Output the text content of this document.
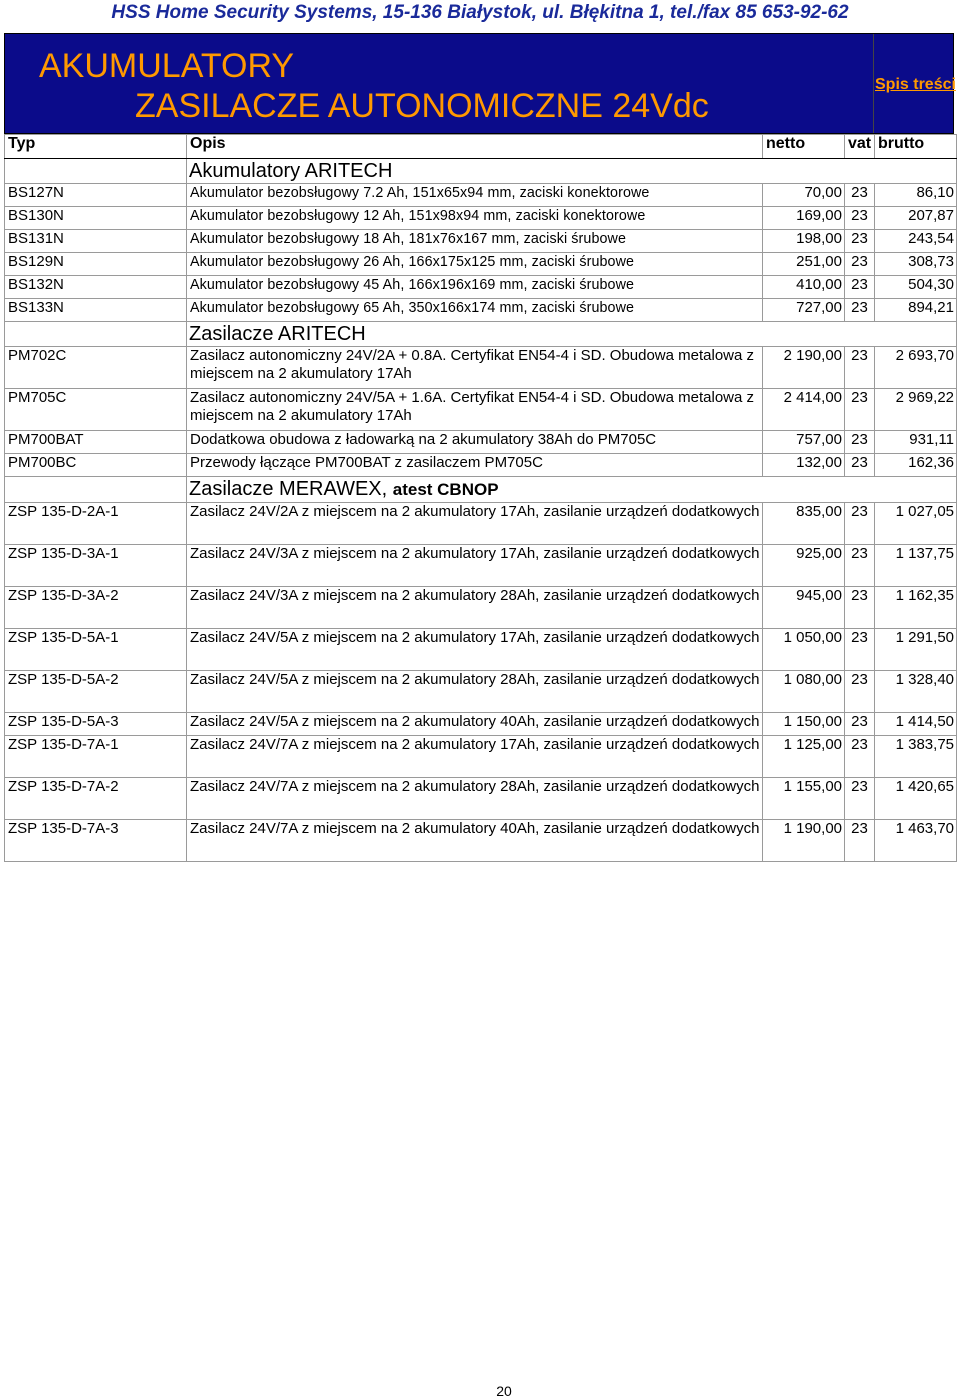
HSS Home Security Systems, 15-136 Białystok, ul. Błękitna 1, tel./fax 85 653-92-62
AKUMULATORY
ZASILACZE AUTONOMICZNE 24Vdc
Spis treści
Typ	Opis	netto	vat	brutto
	Akumulatory ARITECH			
BS127N	Akumulator bezobsługowy 7.2 Ah, 151x65x94 mm, zaciski konektorowe	70,00	23	86,10
BS130N	Akumulator bezobsługowy 12 Ah, 151x98x94 mm, zaciski konektorowe	169,00	23	207,87
BS131N	Akumulator bezobsługowy 18 Ah, 181x76x167 mm, zaciski śrubowe	198,00	23	243,54
BS129N	Akumulator bezobsługowy 26 Ah, 166x175x125 mm, zaciski śrubowe	251,00	23	308,73
BS132N	Akumulator bezobsługowy 45 Ah, 166x196x169 mm, zaciski śrubowe	410,00	23	504,30
BS133N	Akumulator bezobsługowy 65 Ah, 350x166x174 mm, zaciski śrubowe	727,00	23	894,21
	Zasilacze ARITECH			
PM702C	Zasilacz autonomiczny 24V/2A + 0.8A. Certyfikat EN54-4 i SD. Obudowa metalowa z miejscem na 2 akumulatory 17Ah	2 190,00	23	2 693,70
PM705C	Zasilacz autonomiczny 24V/5A + 1.6A. Certyfikat EN54-4 i SD. Obudowa metalowa z miejscem na 2 akumulatory 17Ah	2 414,00	23	2 969,22
PM700BAT	Dodatkowa obudowa z ładowarką na 2 akumulatory 38Ah do PM705C	757,00	23	931,11
PM700BC	Przewody łączące PM700BAT z zasilaczem PM705C	132,00	23	162,36
	Zasilacze MERAWEX, atest CBNOP			
ZSP 135-D-2A-1	Zasilacz 24V/2A z miejscem na 2 akumulatory 17Ah, zasilanie urządzeń dodatkowych	835,00	23	1 027,05
ZSP 135-D-3A-1	Zasilacz 24V/3A z miejscem na 2 akumulatory 17Ah, zasilanie urządzeń dodatkowych	925,00	23	1 137,75
ZSP 135-D-3A-2	Zasilacz 24V/3A z miejscem na 2 akumulatory 28Ah, zasilanie urządzeń dodatkowych	945,00	23	1 162,35
ZSP 135-D-5A-1	Zasilacz 24V/5A z miejscem na 2 akumulatory 17Ah, zasilanie urządzeń dodatkowych	1 050,00	23	1 291,50
ZSP 135-D-5A-2	Zasilacz 24V/5A z miejscem na 2 akumulatory 28Ah, zasilanie urządzeń dodatkowych	1 080,00	23	1 328,40
ZSP 135-D-5A-3	Zasilacz 24V/5A z miejscem na 2 akumulatory 40Ah, zasilanie urządzeń dodatkowych	1 150,00	23	1 414,50
ZSP 135-D-7A-1	Zasilacz 24V/7A z miejscem na 2 akumulatory 17Ah, zasilanie urządzeń dodatkowych	1 125,00	23	1 383,75
ZSP 135-D-7A-2	Zasilacz 24V/7A z miejscem na 2 akumulatory 28Ah, zasilanie urządzeń dodatkowych	1 155,00	23	1 420,65
ZSP 135-D-7A-3	Zasilacz 24V/7A z miejscem na 2 akumulatory 40Ah, zasilanie urządzeń dodatkowych	1 190,00	23	1 463,70
20
